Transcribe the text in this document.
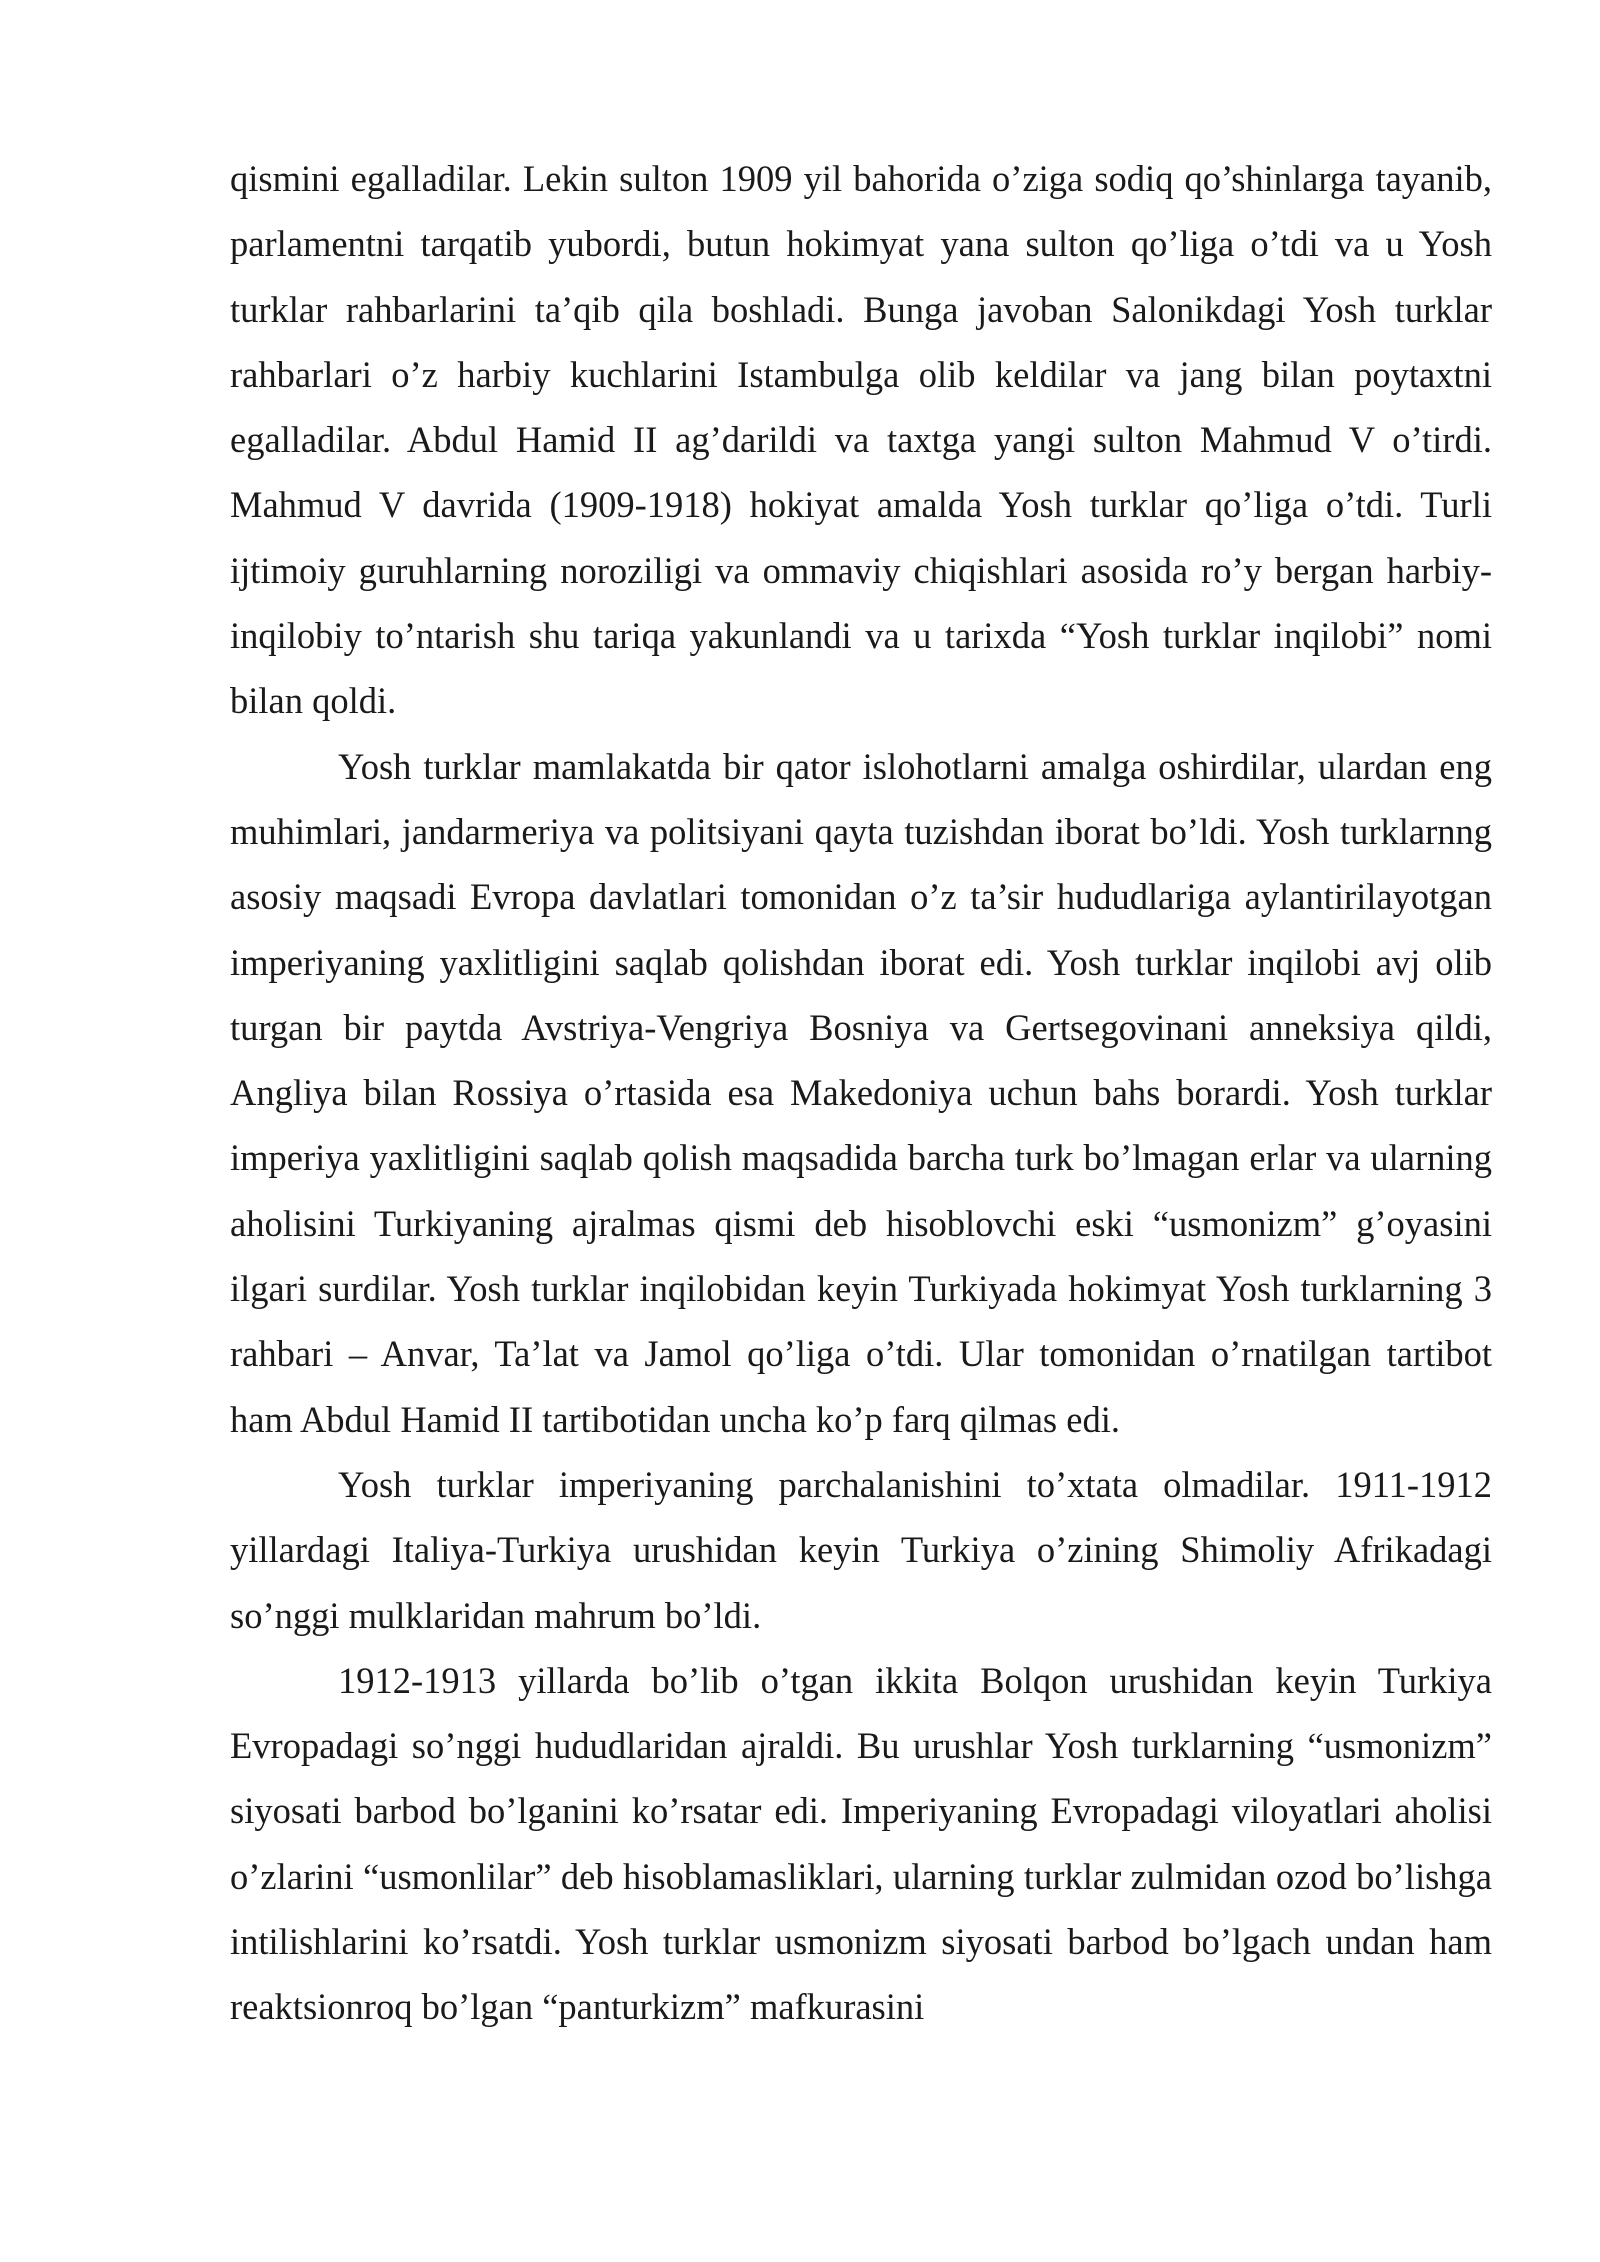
qismini egalladilar. Lekin sulton 1909 yil bahorida o’ziga sodiq qo’shinlarga tayanib, parlamentni tarqatib yubordi, butun hokimyat yana sulton qo’liga o’tdi va u Yosh turklar rahbarlarini ta’qib qila boshladi. Bunga javoban Salonikdagi Yosh turklar rahbarlari o’z harbiy kuchlarini Istambulga olib keldilar va jang bilan poytaxtni egalladilar. Abdul Hamid II ag’darildi va taxtga yangi sulton Mahmud V o’tirdi. Mahmud V davrida (1909-1918) hokiyat amalda Yosh turklar qo’liga o’tdi. Turli ijtimoiy guruhlarning noroziligi va ommaviy chiqishlari asosida ro’y bergan harbiy-inqilobiy to’ntarish shu tariqa yakunlandi va u tarixda “Yosh turklar inqilobi” nomi bilan qoldi.

Yosh turklar mamlakatda bir qator islohotlarni amalga oshirdilar, ulardan eng muhimlari, jandarmeriya va politsiyani qayta tuzishdan iborat bo’ldi. Yosh turklarnng asosiy maqsadi Evropa davlatlari tomonidan o’z ta’sir hududlariga aylantirilayotgan imperiyaning yaxlitligini saqlab qolishdan iborat edi. Yosh turklar inqilobi avj olib turgan bir paytda Avstriya-Vengriya Bosniya va Gertsegovinani anneksiya qildi, Angliya bilan Rossiya o’rtasida esa Makedoniya uchun bahs borardi. Yosh turklar imperiya yaxlitligini saqlab qolish maqsadida barcha turk bo’lmagan erlar va ularning aholisini Turkiyaning ajralmas qismi deb hisoblovchi eski “usmonizm” g’oyasini ilgari surdilar. Yosh turklar inqilobidan keyin Turkiyada hokimyat Yosh turklarning 3 rahbari – Anvar, Ta’lat va Jamol qo’liga o’tdi. Ular tomonidan o’rnatilgan tartibot ham Abdul Hamid II tartibotidan uncha ko’p farq qilmas edi.

Yosh turklar imperiyaning parchalanishini to’xtata olmadilar. 1911-1912 yillardagi Italiya-Turkiya urushidan keyin Turkiya o’zining Shimoliy Afrikadagi so’nggi mulklaridan mahrum bo’ldi.

1912-1913 yillarda bo’lib o’tgan ikkita Bolqon urushidan keyin Turkiya Evropadagi so’nggi hududlaridan ajraldi. Bu urushlar Yosh turklarning “usmonizm” siyosati barbod bo’lganini ko’rsatar edi. Imperiyaning Evropadagi viloyatlari aholisi o’zlarini “usmonlilar” deb hisoblamasliklari, ularning turklar zulmidan ozod bo’lishga intilishlarini ko’rsatdi. Yosh turklar usmonizm siyosati barbod bo’lgach undan ham reaktsionroq bo’lgan “panturkizm” mafkurasini
